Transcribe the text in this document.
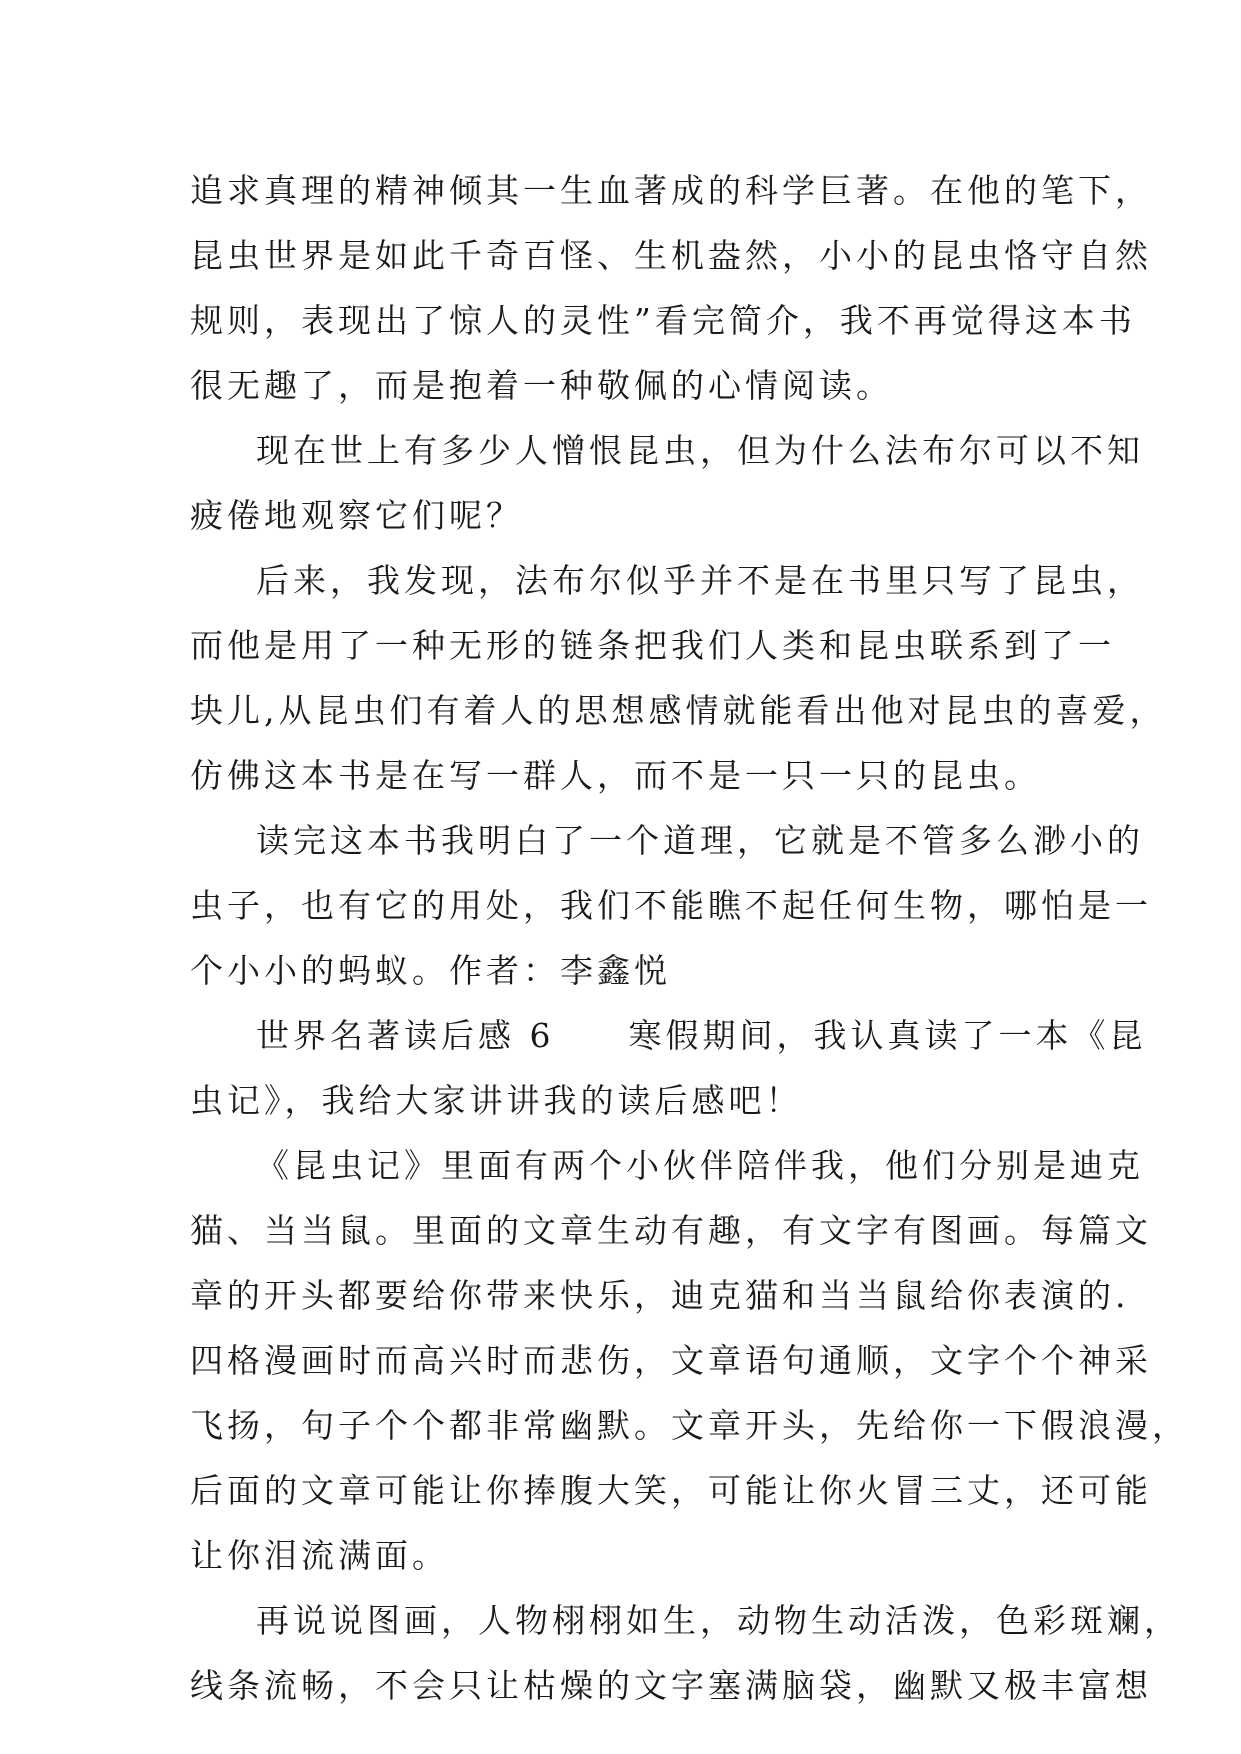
追求真理的精神倾其一生血著成的科学巨著。在他的笔下，
昆虫世界是如此千奇百怪、生机盎然，小小的昆虫恪守自然
规则，表现出了惊人的灵性”看完简介，我不再觉得这本书
很无趣了，而是抱着一种敬佩的心情阅读。
现在世上有多少人憎恨昆虫，但为什么法布尔可以不知
疲倦地观察它们呢？
后来，我发现，法布尔似乎并不是在书里只写了昆虫，
而他是用了一种无形的链条把我们人类和昆虫联系到了一
块儿,从昆虫们有着人的思想感情就能看出他对昆虫的喜爱，
仿佛这本书是在写一群人，而不是一只一只的昆虫。
读完这本书我明白了一个道理，它就是不管多么渺小的
虫子，也有它的用处，我们不能瞧不起任何生物，哪怕是一
个小小的蚂蚁。作者：李鑫悦
世界名著读后感 6　　寒假期间，我认真读了一本《昆
虫记》，我给大家讲讲我的读后感吧！
《昆虫记》里面有两个小伙伴陪伴我，他们分别是迪克
猫、当当鼠。里面的文章生动有趣，有文字有图画。每篇文
章的开头都要给你带来快乐，迪克猫和当当鼠给你表演的.
四格漫画时而高兴时而悲伤，文章语句通顺，文字个个神采
飞扬，句子个个都非常幽默。文章开头，先给你一下假浪漫，
后面的文章可能让你捧腹大笑，可能让你火冒三丈，还可能
让你泪流满面。
再说说图画，人物栩栩如生，动物生动活泼，色彩斑斓，
线条流畅，不会只让枯燥的文字塞满脑袋，幽默又极丰富想
